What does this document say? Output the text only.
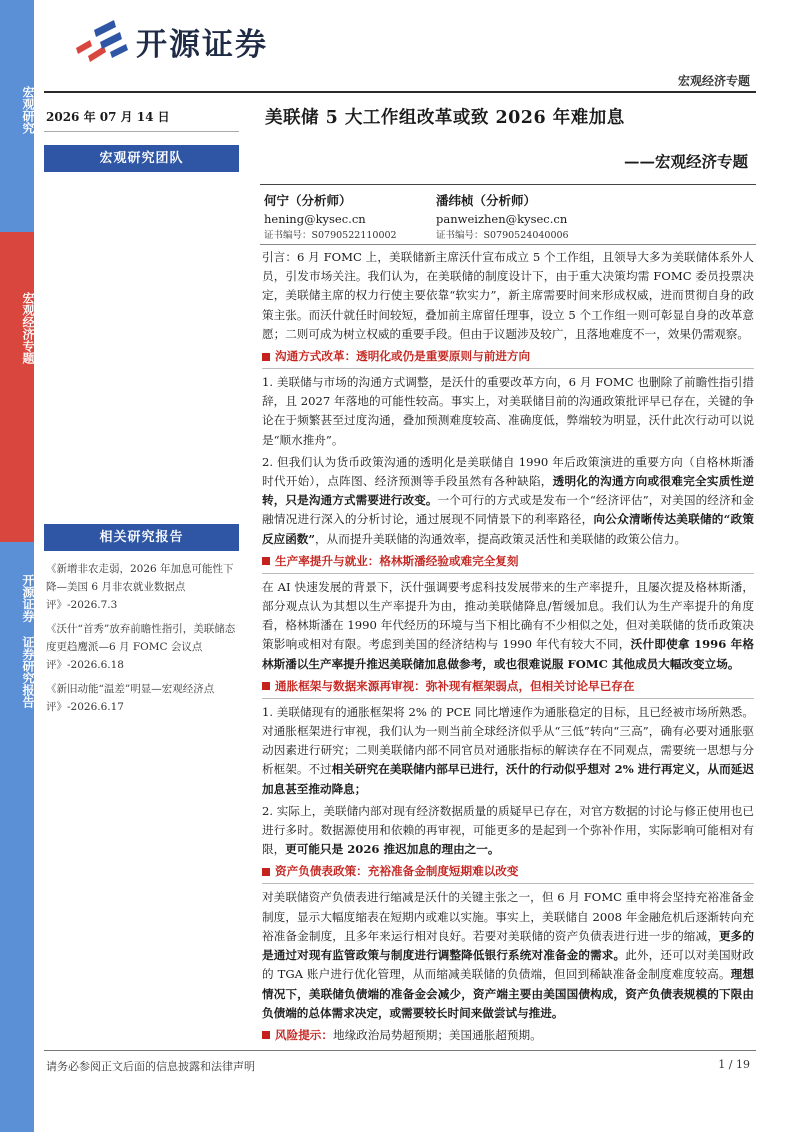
宏观研究
宏观经济专题
开源证券 证券研究报告
开源证券
宏观经济专题
2026 年 07 月 14 日
宏观研究团队
相关研究报告
《新增非农走弱，2026 年加息可能性下降—美国 6 月非农就业数据点评》-2026.7.3
《沃什“首秀”放弃前瞻性指引，美联储态度更趋鹰派—6 月 FOMC 会议点评》-2026.6.18
《新旧动能“温差”明显—宏观经济点评》-2026.6.17
美联储 5 大工作组改革或致 2026 年难加息
——宏观经济专题
何宁（分析师）
hening@kysec.cn
证书编号：S0790522110002
潘纬桢（分析师）
panweizhen@kysec.cn
证书编号：S0790524040006

引言：6 月 FOMC 上，美联储新主席沃什宣布成立 5 个工作组，且领导大多为美联储体系外人员，引发市场关注。我们认为，在美联储的制度设计下，由于重大决策均需 FOMC 委员投票决定，美联储主席的权力行使主要依靠“软实力”，新主席需要时间来形成权威，进而贯彻自身的政策主张。而沃什就任时间较短，叠加前主席留任理事，设立 5 个工作组一则可彰显自身的改革意愿；二则可成为树立权威的重要手段。但由于议题涉及较广，且落地难度不一，效果仍需观察。

沟通方式改革：透明化或仍是重要原则与前进方向

1. 美联储与市场的沟通方式调整，是沃什的重要改革方向，6 月 FOMC 也删除了前瞻性指引措辞，且 2027 年落地的可能性较高。事实上，对美联储目前的沟通政策批评早已存在，关键的争论在于频繁甚至过度沟通，叠加预测难度较高、准确度低，弊端较为明显，沃什此次行动可以说是“顺水推舟”。

2. 但我们认为货币政策沟通的透明化是美联储自 1990 年后政策演进的重要方向（自格林斯潘时代开始），点阵图、经济预测等手段虽然有各种缺陷，透明化的沟通方向或很难完全实质性逆转，只是沟通方式需要进行改变。一个可行的方式或是发布一个“经济评估”，对美国的经济和金融情况进行深入的分析讨论，通过展现不同情景下的利率路径，向公众清晰传达美联储的“政策反应函数”，从而提升美联储的沟通效率，提高政策灵活性和美联储的政策公信力。

生产率提升与就业：格林斯潘经验或难完全复刻

在 AI 快速发展的背景下，沃什强调要考虑科技发展带来的生产率提升，且屡次提及格林斯潘，部分观点认为其想以生产率提升为由，推动美联储降息/暂缓加息。我们认为生产率提升的角度看，格林斯潘在 1990 年代经历的环境与当下相比确有不少相似之处，但对美联储的货币政策决策影响或相对有限。考虑到美国的经济结构与 1990 年代有较大不同，沃什即使拿 1996 年格林斯潘以生产率提升推迟美联储加息做参考，或也很难说服 FOMC 其他成员大幅改变立场。

通胀框架与数据来源再审视：弥补现有框架弱点，但相关讨论早已存在

1. 美联储现有的通胀框架将 2% 的 PCE 同比增速作为通胀稳定的目标，且已经被市场所熟悉。对通胀框架进行审视，我们认为一则当前全球经济似乎从“三低”转向“三高”，确有必要对通胀驱动因素进行研究；二则美联储内部不同官员对通胀指标的解读存在不同观点，需要统一思想与分析框架。不过相关研究在美联储内部早已进行，沃什的行动似乎想对 2% 进行再定义，从而延迟加息甚至推动降息；

2. 实际上，美联储内部对现有经济数据质量的质疑早已存在，对官方数据的讨论与修正使用也已进行多时。数据源使用和依赖的再审视，可能更多的是起到一个弥补作用，实际影响可能相对有限，更可能只是 2026 推迟加息的理由之一。

资产负债表政策：充裕准备金制度短期难以改变

对美联储资产负债表进行缩减是沃什的关键主张之一，但 6 月 FOMC 重申将会坚持充裕准备金制度，显示大幅度缩表在短期内或难以实施。事实上，美联储自 2008 年金融危机后逐渐转向充裕准备金制度，且多年来运行相对良好。若要对美联储的资产负债表进行进一步的缩减，更多的是通过对现有监管政策与制度进行调整降低银行系统对准备金的需求。此外，还可以对美国财政的 TGA 账户进行优化管理，从而缩减美联储的负债端，但回到稀缺准备金制度难度较高。理想情况下，美联储负债端的准备金会减少，资产端主要由美国国债构成，资产负债表规模的下限由负债端的总体需求决定，或需要较长时间来做尝试与推进。

风险提示：地缘政治局势超预期；美国通胀超预期。

请务必参阅正文后面的信息披露和法律声明	1 / 19
